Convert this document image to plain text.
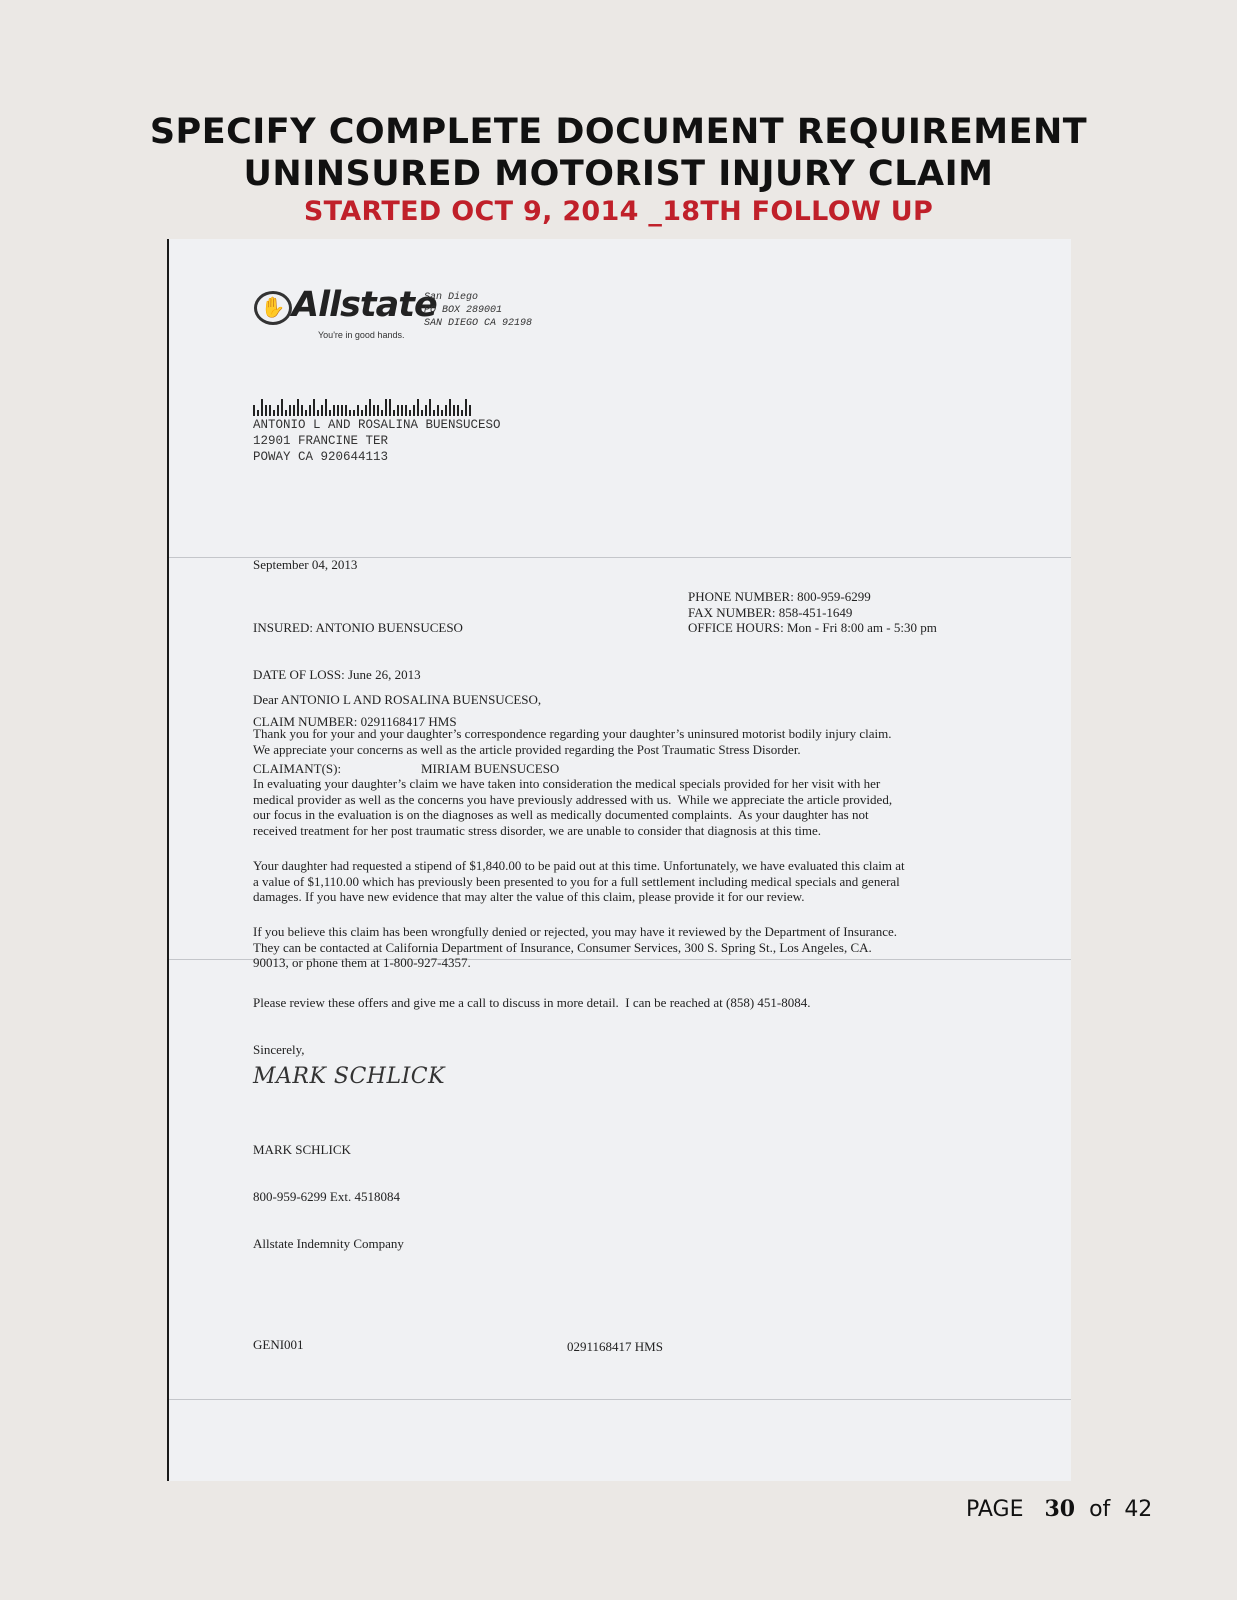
SPECIFY COMPLETE DOCUMENT REQUIREMENT
UNINSURED MOTORIST INJURY CLAIM
STARTED OCT 9, 2014 _18TH FOLLOW UP
✋ Allstate
You're in good hands.
San Diego
PO BOX 289001
SAN DIEGO CA 92198
ANTONIO L AND ROSALINA BUENSUCESO
12901 FRANCINE TER
POWAY CA 920644113
September 04, 2013

INSURED: ANTONIO BUENSUCESO

DATE OF LOSS: June 26, 2013

CLAIM NUMBER: 0291168417 HMS

CLAIMANT(S):	MIRIAM BUENSUCESO

PHONE NUMBER: 800-959-6299
FAX NUMBER: 858-451-1649
OFFICE HOURS: Mon - Fri 8:00 am - 5:30 pm
Dear ANTONIO L AND ROSALINA BUENSUCESO,
Thank you for your and your daughter’s correspondence regarding your daughter’s uninsured motorist bodily injury claim.
We appreciate your concerns as well as the article provided regarding the Post Traumatic Stress Disorder.
In evaluating your daughter’s claim we have taken into consideration the medical specials provided for her visit with her
medical provider as well as the concerns you have previously addressed with us.  While we appreciate the article provided,
our focus in the evaluation is on the diagnoses as well as medically documented complaints.  As your daughter has not
received treatment for her post traumatic stress disorder, we are unable to consider that diagnosis at this time.
Your daughter had requested a stipend of $1,840.00 to be paid out at this time. Unfortunately, we have evaluated this claim at
a value of $1,110.00 which has previously been presented to you for a full settlement including medical specials and general
damages. If you have new evidence that may alter the value of this claim, please provide it for our review.
If you believe this claim has been wrongfully denied or rejected, you may have it reviewed by the Department of Insurance.
They can be contacted at California Department of Insurance, Consumer Services, 300 S. Spring St., Los Angeles, CA.
90013, or phone them at 1-800-927-4357.
Please review these offers and give me a call to discuss in more detail.  I can be reached at (858) 451-8084.
Sincerely,
MARK SCHLICK

MARK SCHLICK

800-959-6299 Ext. 4518084

Allstate Indemnity Company

GENI001	0291168417 HMS
PAGE 30 of 42
